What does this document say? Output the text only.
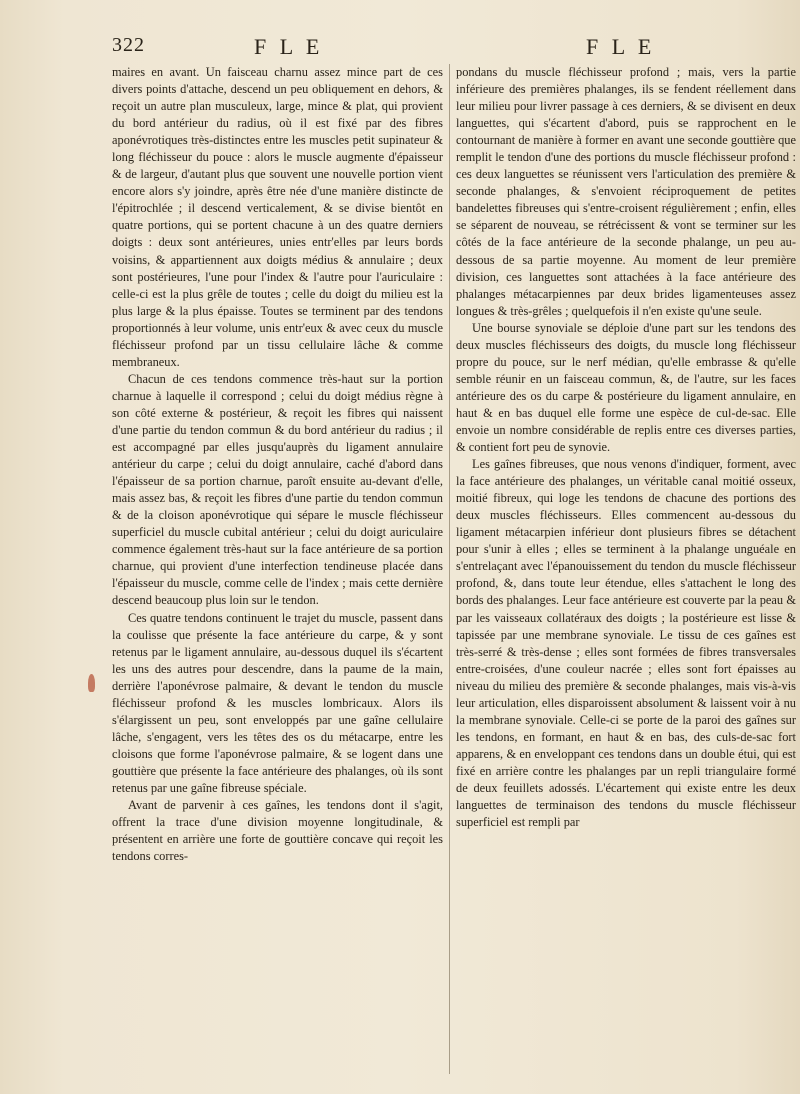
322	F L E	F L E

maires en avant. Un faisceau charnu assez mince part de ces divers points d'attache, descend un peu obliquement en dehors, & reçoit un autre plan musculeux, large, mince & plat, qui provient du bord antérieur du radius, où il est fixé par des fibres aponévrotiques très-distinctes entre les muscles petit supinateur & long fléchisseur du pouce : alors le muscle augmente d'épaisseur & de largeur, d'autant plus que souvent une nouvelle portion vient encore alors s'y joindre, après être née d'une manière distincte de l'épitrochlée ; il descend verticalement, & se divise bientôt en quatre portions, qui se portent chacune à un des quatre derniers doigts : deux sont antérieures, unies entr'elles par leurs bords voisins, & appartiennent aux doigts médius & annulaire ; deux sont postérieures, l'une pour l'index & l'autre pour l'auriculaire : celle-ci est la plus grêle de toutes ; celle du doigt du milieu est la plus large & la plus épaisse. Toutes se terminent par des tendons proportionnés à leur volume, unis entr'eux & avec ceux du muscle fléchisseur profond par un tissu cellulaire lâche & comme membraneux.

Chacun de ces tendons commence très-haut sur la portion charnue à laquelle il correspond ; celui du doigt médius règne à son côté externe & postérieur, & reçoit les fibres qui naissent d'une partie du tendon commun & du bord antérieur du radius ; il est accompagné par elles jusqu'auprès du ligament annulaire antérieur du carpe ; celui du doigt annulaire, caché d'abord dans l'épaisseur de sa portion charnue, paroît ensuite au-devant d'elle, mais assez bas, & reçoit les fibres d'une partie du tendon commun & de la cloison aponévrotique qui sépare le muscle fléchisseur superficiel du muscle cubital antérieur ; celui du doigt auriculaire commence également très-haut sur la face antérieure de sa portion charnue, qui provient d'une interfection tendineuse placée dans l'épaisseur du muscle, comme celle de l'index ; mais cette dernière descend beaucoup plus loin sur le tendon.

Ces quatre tendons continuent le trajet du muscle, passent dans la coulisse que présente la face antérieure du carpe, & y sont retenus par le ligament annulaire, au-dessous duquel ils s'écartent les uns des autres pour descendre, dans la paume de la main, derrière l'aponévrose palmaire, & devant le tendon du muscle fléchisseur profond & les muscles lombricaux. Alors ils s'élargissent un peu, sont enveloppés par une gaîne cellulaire lâche, s'engagent, vers les têtes des os du métacarpe, entre les cloisons que forme l'aponévrose palmaire, & se logent dans une gouttière que présente la face antérieure des phalanges, où ils sont retenus par une gaîne fibreuse spéciale.

Avant de parvenir à ces gaînes, les tendons dont il s'agit, offrent la trace d'une division moyenne longitudinale, & présentent en arrière une forte de gouttière concave qui reçoit les tendons corres-

pondans du muscle fléchisseur profond ; mais, vers la partie inférieure des premières phalanges, ils se fendent réellement dans leur milieu pour livrer passage à ces derniers, & se divisent en deux languettes, qui s'écartent d'abord, puis se rapprochent en le contournant de manière à former en avant une seconde gouttière que remplit le tendon d'une des portions du muscle fléchisseur profond : ces deux languettes se réunissent vers l'articulation des première & seconde phalanges, & s'envoient réciproquement de petites bandelettes fibreuses qui s'entre-croisent régulièrement ; enfin, elles se séparent de nouveau, se rétrécissent & vont se terminer sur les côtés de la face antérieure de la seconde phalange, un peu au-dessous de sa partie moyenne. Au moment de leur première division, ces languettes sont attachées à la face antérieure des phalanges métacarpiennes par deux brides ligamenteuses assez longues & très-grêles ; quelquefois il n'en existe qu'une seule.

Une bourse synoviale se déploie d'une part sur les tendons des deux muscles fléchisseurs des doigts, du muscle long fléchisseur propre du pouce, sur le nerf médian, qu'elle embrasse & qu'elle semble réunir en un faisceau commun, &, de l'autre, sur les faces antérieure des os du carpe & postérieure du ligament annulaire, en haut & en bas duquel elle forme une espèce de cul-de-sac. Elle envoie un nombre considérable de replis entre ces diverses parties, & contient fort peu de synovie.

Les gaînes fibreuses, que nous venons d'indiquer, forment, avec la face antérieure des phalanges, un véritable canal moitié osseux, moitié fibreux, qui loge les tendons de chacune des portions des deux muscles fléchisseurs. Elles commencent au-dessous du ligament métacarpien inférieur dont plusieurs fibres se détachent pour s'unir à elles ; elles se terminent à la phalange unguéale en s'entrelaçant avec l'épanouissement du tendon du muscle fléchisseur profond, &, dans toute leur étendue, elles s'attachent le long des bords des phalanges. Leur face antérieure est couverte par la peau & par les vaisseaux collatéraux des doigts ; la postérieure est lisse & tapissée par une membrane synoviale. Le tissu de ces gaînes est très-serré & très-dense ; elles sont formées de fibres transversales entre-croisées, d'une couleur nacrée ; elles sont fort épaisses au niveau du milieu des première & seconde phalanges, mais vis-à-vis leur articulation, elles disparoissent absolument & laissent voir à nu la membrane synoviale. Celle-ci se porte de la paroi des gaînes sur les tendons, en formant, en haut & en bas, des culs-de-sac fort apparens, & en enveloppant ces tendons dans un double étui, qui est fixé en arrière contre les phalanges par un repli triangulaire formé de deux feuillets adossés. L'écartement qui existe entre les deux languettes de terminaison des tendons du muscle fléchisseur superficiel est rempli par
